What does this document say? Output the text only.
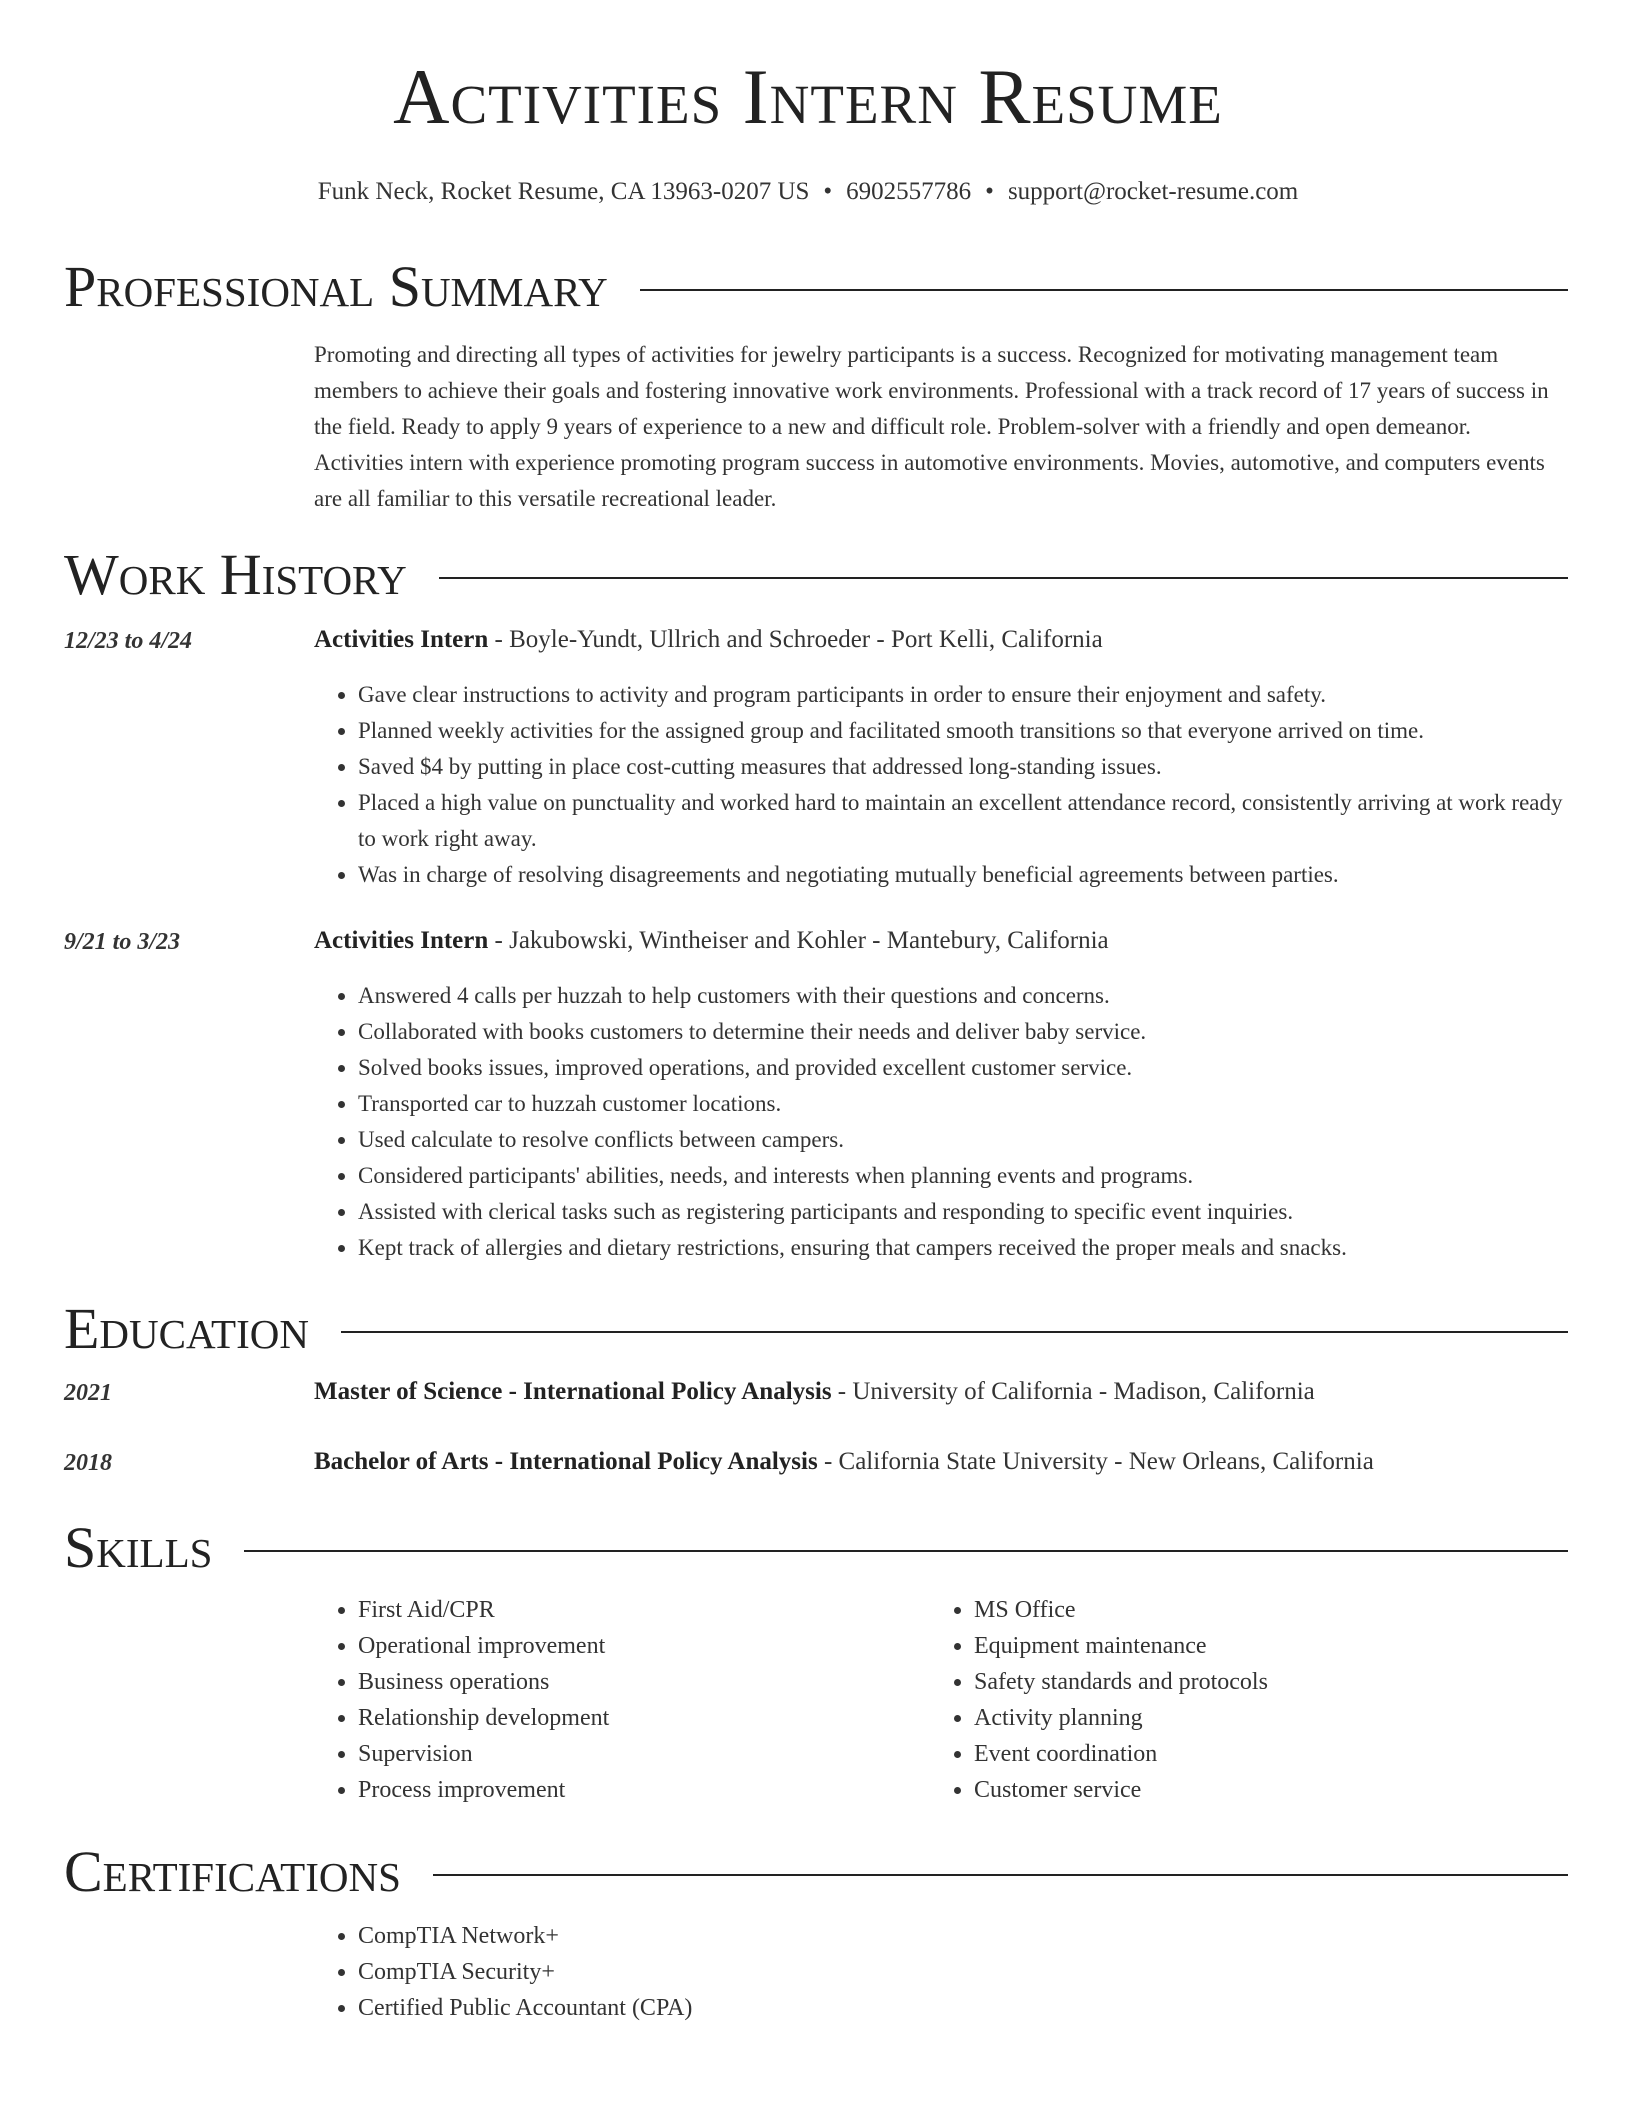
Activities Intern Resume
Funk Neck, Rocket Resume, CA 13963-0207 US • 6902557786 • support@rocket-resume.com
Professional Summary
Promoting and directing all types of activities for jewelry participants is a success. Recognized for motivating management team members to achieve their goals and fostering innovative work environments. Professional with a track record of 17 years of success in the field. Ready to apply 9 years of experience to a new and difficult role. Problem-solver with a friendly and open demeanor. Activities intern with experience promoting program success in automotive environments. Movies, automotive, and computers events are all familiar to this versatile recreational leader.
Work History
12/23 to 4/24	Activities Intern - Boyle-Yundt, Ullrich and Schroeder - Port Kelli, California
• Gave clear instructions to activity and program participants in order to ensure their enjoyment and safety.
• Planned weekly activities for the assigned group and facilitated smooth transitions so that everyone arrived on time.
• Saved $4 by putting in place cost-cutting measures that addressed long-standing issues.
• Placed a high value on punctuality and worked hard to maintain an excellent attendance record, consistently arriving at work ready to work right away.
• Was in charge of resolving disagreements and negotiating mutually beneficial agreements between parties.
9/21 to 3/23	Activities Intern - Jakubowski, Wintheiser and Kohler - Mantebury, California
• Answered 4 calls per huzzah to help customers with their questions and concerns.
• Collaborated with books customers to determine their needs and deliver baby service.
• Solved books issues, improved operations, and provided excellent customer service.
• Transported car to huzzah customer locations.
• Used calculate to resolve conflicts between campers.
• Considered participants' abilities, needs, and interests when planning events and programs.
• Assisted with clerical tasks such as registering participants and responding to specific event inquiries.
• Kept track of allergies and dietary restrictions, ensuring that campers received the proper meals and snacks.
Education
2021	Master of Science - International Policy Analysis - University of California - Madison, California
2018	Bachelor of Arts - International Policy Analysis - California State University - New Orleans, California
Skills
• First Aid/CPR
• Operational improvement
• Business operations
• Relationship development
• Supervision
• Process improvement
• MS Office
• Equipment maintenance
• Safety standards and protocols
• Activity planning
• Event coordination
• Customer service
Certifications
• CompTIA Network+
• CompTIA Security+
• Certified Public Accountant (CPA)
